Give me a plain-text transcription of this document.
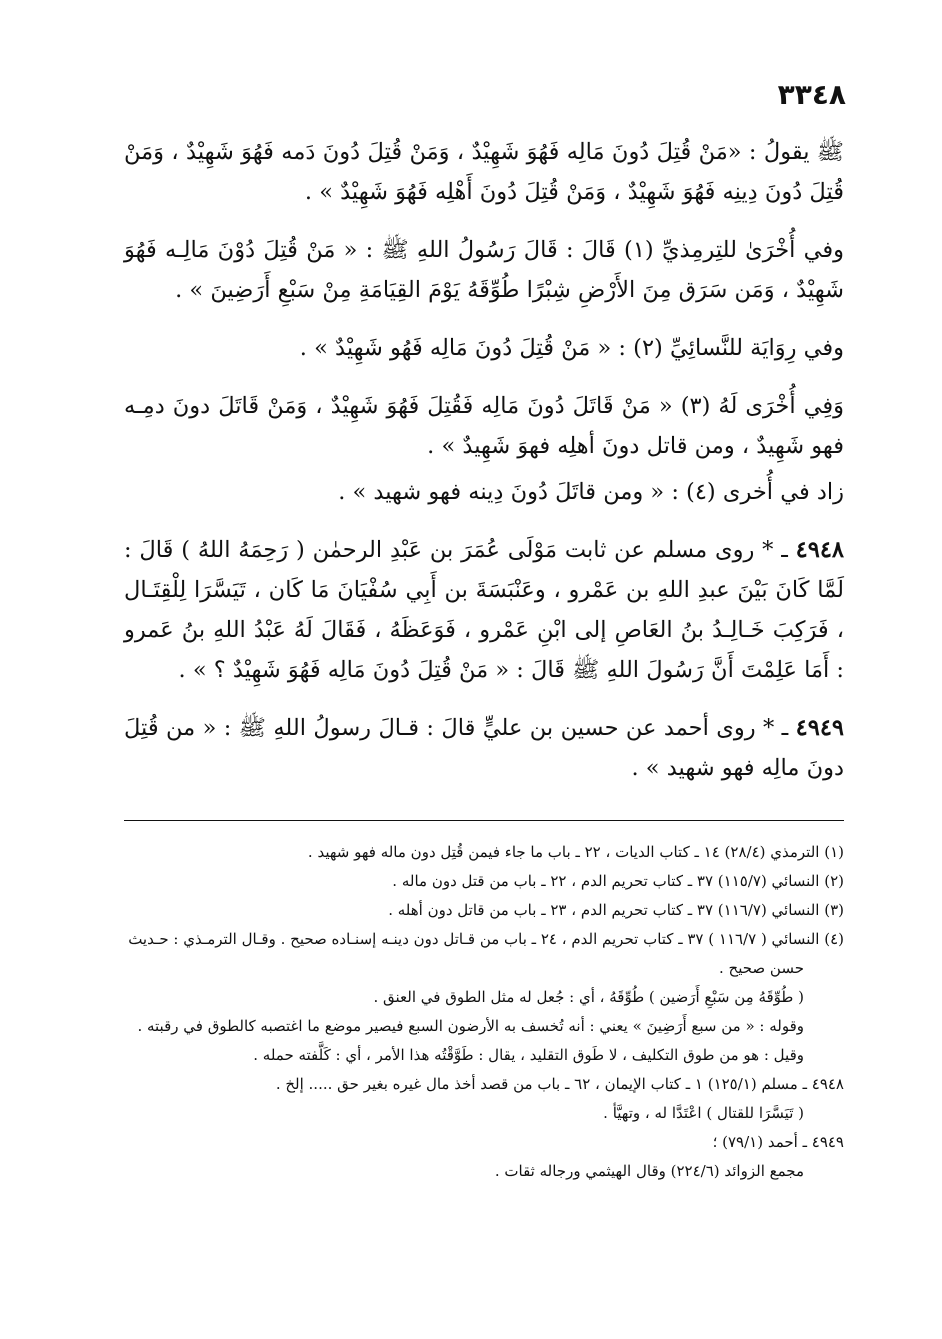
٣٣٤٨

ﷺ يقولُ : «مَنْ قُتِلَ دُونَ مَالِه فَهُوَ شَهِيْدٌ ، وَمَنْ قُتِلَ دُونَ دَمه فَهُوَ شَهِيْدٌ ، وَمَنْ قُتِلَ دُونَ دِينِه فَهُوَ شَهِيْدٌ ، وَمَنْ قُتِلَ دُونَ أَهْلِه فَهُوَ شَهِيْدٌ » .

وفي أُخْرَىٰ للتِرمِذيِّ (١) قَالَ : قَالَ رَسُولُ اللهِ ﷺ : « مَنْ قُتِلَ دُوْنَ مَالِـه فَهُوَ شَهِيْدٌ ، وَمَن سَرَق مِنَ الأَرْضِ شِبْرًا طُوِّقَهُ يَوْمَ القِيَامَةِ مِنْ سَبْعِ أَرَضِينَ » .

وفي رِوَايَة للنَّسائِيِّ (٢) : « مَنْ قُتِلَ دُونَ مَالِه فَهُو شَهِيْدٌ » .

وَفِي أُخْرَى لَهُ (٣) « مَنْ قَاتَلَ دُونَ مَالِه فَقُتِلَ فَهُوَ شَهِيْدٌ ، وَمَنْ قَاتَلَ دونَ دمِـه فهو شَهِيدٌ ، ومن قاتل دونَ أهلِه فهوَ شَهِيدٌ » .

زاد في أُخرى (٤) : « ومن قاتَلَ دُونَ دِينه فهو شهيد » .

٤٩٤٨ ـ * روى مسلم عن ثابت مَوْلَى عُمَرَ بن عَبْدِ الرحمٰن ( رَحِمَهُ اللهُ ) قَالَ : لَمَّا كَانَ بَيْنَ عبدِ اللهِ بن عَمْرو ، وعَنْبَسَةَ بن أَبِي سُفْيَانَ مَا كَان ، تَيَسَّرَا لِلْقِتَـال ، فَرَكِبَ خَـالِـدُ بنُ العَاصِ إلى ابْنِ عَمْرو ، فَوَعَظَهُ ، فَقَالَ لَهُ عَبْدُ اللهِ بنُ عَمرو : أَمَا عَلِمْتَ أَنَّ رَسُولَ اللهِ ﷺ قَالَ : « مَنْ قُتِلَ دُونَ مَالِه فَهُوَ شَهِيْدٌ ؟ » .

٤٩٤٩ ـ * روى أحمد عن حسين بن عليٍّ قالَ : قـالَ رسولُ اللهِ ﷺ : « من قُتِلَ دونَ مالِه فهو شهيد » .

(١) الترمذي (٢٨/٤) ١٤ ـ كتاب الديات ، ٢٢ ـ باب ما جاء فيمن قُتِل دون ماله فهو شهيد .

(٢) النسائي (١١٥/٧) ٣٧ ـ كتاب تحريم الدم ، ٢٢ ـ باب من قتل دون ماله .

(٣) النسائي (١١٦/٧) ٣٧ ـ كتاب تحريم الدم ، ٢٣ ـ باب من قاتل دون أهله .

(٤) النسائي ( ١١٦/٧ ) ٣٧ ـ كتاب تحريم الدم ، ٢٤ ـ باب من قـاتل دون دينـه إسنـاده صحيح . وقـال الترمـذي : حـديث

حسن صحيح .

( طُوِّقَهُ مِن سَبْعِ أَرَضين ) طُوِّقَهُ ، أي : جُعل له مثل الطوق في العنق .

وقوله : « من سبع أَرَضِينَ » يعني : أنه تُخسف به الأرضون السبع فيصير موضع ما اغتصبه كالطوق في رقبته .

وقيل : هو من طوق التكليف ، لا طَوق التقليد ، يقال : طَوَّقْتُه هذا الأمر ، أي : كَلَّفته حمله .

٤٩٤٨ ـ مسلم (١٢٥/١) ١ ـ كتاب الإيمان ، ٦٢ ـ باب من قصد أخذ مال غيره بغير حق ..... إلخ .

( تَيَسَّرَا للقتال ) اعْتَدَّا له ، وتهيَّأ .

٤٩٤٩ ـ أحمد (٧٩/١) ؛

مجمع الزوائد (٢٢٤/٦) وقال الهيثمي ورجاله ثقات .
